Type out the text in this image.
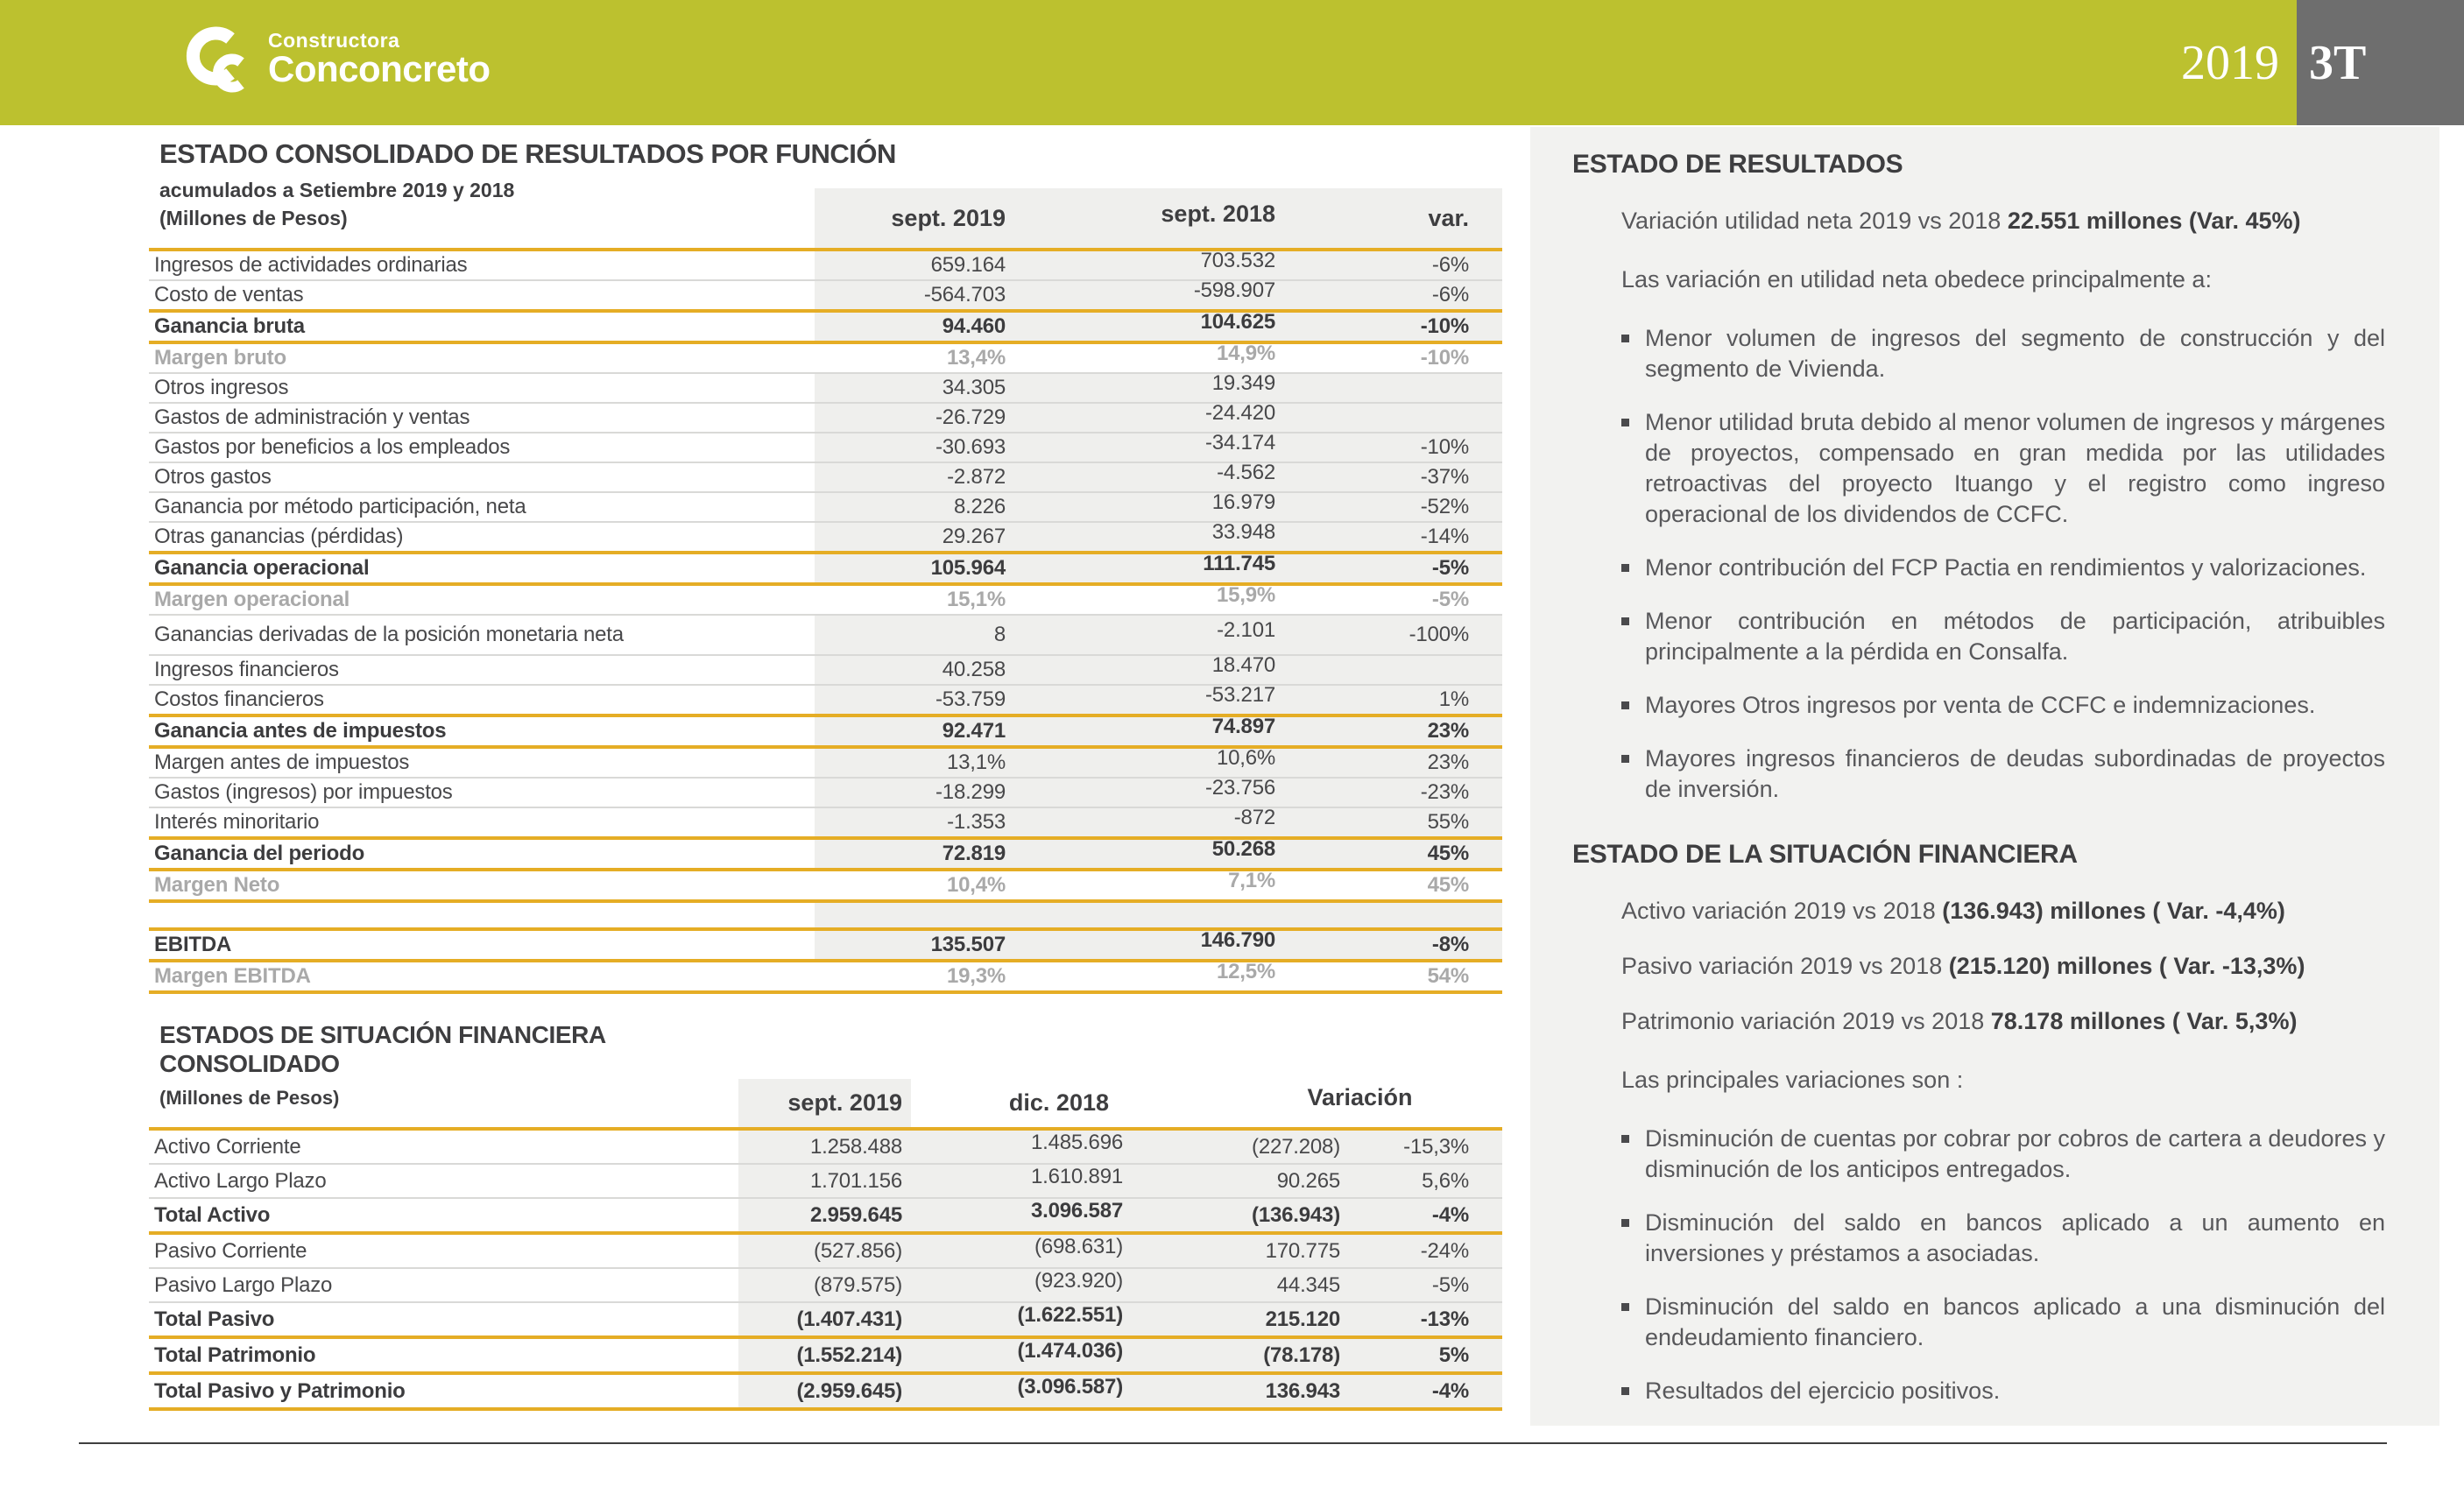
Constructora
Conconcreto	2019 3T
ESTADO CONSOLIDADO DE RESULTADOS POR FUNCIÓN
acumulados a Setiembre 2019 y 2018
(Millones de Pesos)	sept. 2019	sept. 2018	var.
Ingresos de actividades ordinarias	659.164	703.532	-6%
Costo de ventas	-564.703	-598.907	-6%
Ganancia bruta	94.460	104.625	-10%
Margen bruto	13,4%	14,9%	-10%
Otros ingresos	34.305	19.349
Gastos de administración y ventas	-26.729	-24.420
Gastos por beneficios a los empleados	-30.693	-34.174	-10%
Otros gastos	-2.872	-4.562	-37%
Ganancia por método participación, neta	8.226	16.979	-52%
Otras ganancias (pérdidas)	29.267	33.948	-14%
Ganancia operacional	105.964	111.745	-5%
Margen operacional	15,1%	15,9%	-5%
Ganancias derivadas de la posición monetaria neta	8	-2.101	-100%
Ingresos financieros	40.258	18.470
Costos financieros	-53.759	-53.217	1%
Ganancia antes de impuestos	92.471	74.897	23%
Margen antes de impuestos	13,1%	10,6%	23%
Gastos (ingresos) por impuestos	-18.299	-23.756	-23%
Interés minoritario	-1.353	-872	55%
Ganancia del periodo	72.819	50.268	45%
Margen Neto	10,4%	7,1%	45%
EBITDA	135.507	146.790	-8%
Margen EBITDA	19,3%	12,5%	54%
ESTADOS DE SITUACIÓN FINANCIERA
CONSOLIDADO
(Millones de Pesos)	sept. 2019	dic. 2018	Variación
Activo Corriente	1.258.488	1.485.696	(227.208)	-15,3%
Activo Largo Plazo	1.701.156	1.610.891	90.265	5,6%
Total Activo	2.959.645	3.096.587	(136.943)	-4%
Pasivo Corriente	(527.856)	(698.631)	170.775	-24%
Pasivo Largo Plazo	(879.575)	(923.920)	44.345	-5%
Total Pasivo	(1.407.431)	(1.622.551)	215.120	-13%
Total Patrimonio	(1.552.214)	(1.474.036)	(78.178)	5%
Total Pasivo y Patrimonio	(2.959.645)	(3.096.587)	136.943	-4%
ESTADO DE RESULTADOS

Variación utilidad neta 2019 vs 2018 22.551 millones (Var. 45%)

Las variación en utilidad neta obedece principalmente a:

Menor volumen de ingresos del segmento de construcción y del segmento de Vivienda.
Menor utilidad bruta debido al menor volumen de ingresos y márgenes de proyectos, compensado en gran medida por las utilidades retroactivas del proyecto Ituango y el registro como ingreso operacional de los dividendos de CCFC.
Menor contribución del FCP Pactia en rendimientos y valorizaciones.
Menor contribución en métodos de participación, atribuibles principalmente a la pérdida en Consalfa.
Mayores Otros ingresos por venta de CCFC e indemnizaciones.
Mayores ingresos financieros de deudas subordinadas de proyectos de inversión.
ESTADO DE LA SITUACIÓN FINANCIERA

Activo variación 2019 vs 2018 (136.943) millones ( Var. -4,4%)

Pasivo variación 2019 vs 2018 (215.120) millones ( Var. -13,3%)

Patrimonio variación 2019 vs 2018 78.178 millones ( Var. 5,3%)

Las principales variaciones son :

Disminución de cuentas por cobrar por cobros de cartera a deudores y disminución de los anticipos entregados.
Disminución del saldo en bancos aplicado a un aumento en inversiones y préstamos a asociadas.
Disminución del saldo en bancos aplicado a una disminución del endeudamiento financiero.
Resultados del ejercicio positivos.
